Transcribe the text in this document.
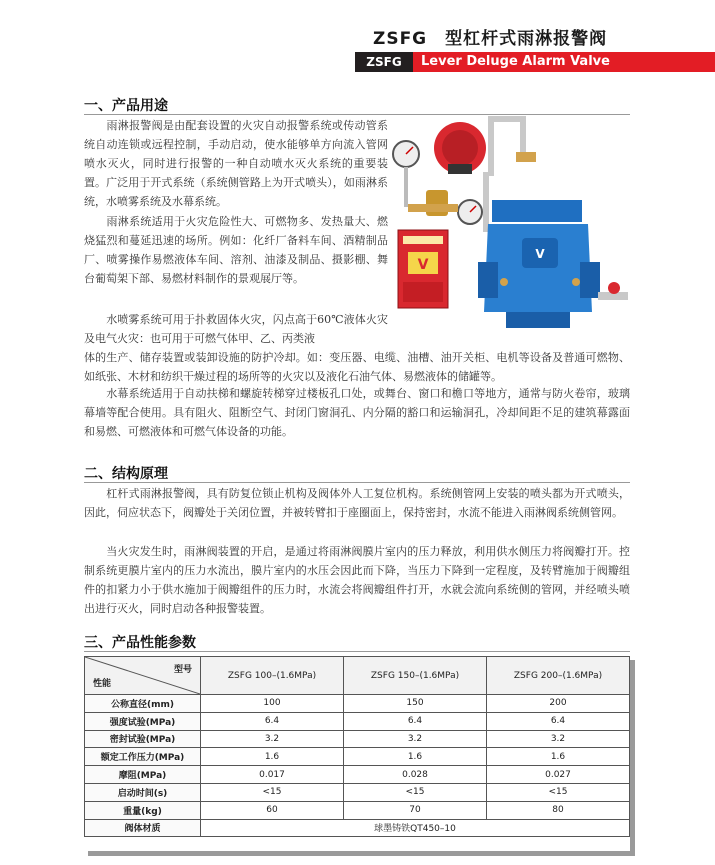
ZSFG　型杠杆式雨淋报警阀
ZSFG	Lever Deluge Alarm Valve
一、产品用途
　　雨淋报警阀是由配套设置的火灾自动报警系统或传动管系统自动连锁或远程控制，手动启动，使水能够单方向流入管网喷水灭火，同时进行报警的一种自动喷水灭火系统的重要装置。广泛用于开式系统（系统侧管路上为开式喷头），如雨淋系统，水喷雾系统及水幕系统。
　　雨淋系统适用于火灾危险性大、可燃物多、发热量大、燃烧猛烈和蔓延迅速的场所。例如：化纤厂备料车间、酒精制品厂、喷雾操作易燃液体车间、溶剂、油漆及制品、摄影棚、舞台葡萄架下部、易燃材料制作的景观展厅等。
　　水喷雾系统可用于扑救固体火灾，闪点高于60℃液体火灾及电气火灾：也可用于可燃气体甲、乙、丙类液
体的生产、储存装置或装卸设施的防护冷却。如：变压器、电缆、油槽、油开关柜、电机等设备及普通可燃物、如纸张、木材和纺织干燥过程的场所等的火灾以及液化石油气体、易燃液体的储罐等。
　　水幕系统适用于自动扶梯和螺旋转梯穿过楼板孔口处，或舞台、窗口和檐口等地方，通常与防火卷帘，玻璃幕墙等配合使用。具有阻火、阻断空气、封闭门窗洞孔、内分隔的豁口和运输洞孔，冷却间距不足的建筑幕露面和易燃、可燃液体和可燃气体设备的功能。
V
V
二、结构原理
　　杠杆式雨淋报警阀，具有防复位锁止机构及阀体外人工复位机构。系统侧管网上安装的喷头都为开式喷头，因此，伺应状态下，阀瓣处于关闭位置，并被转臂扣于座圈面上，保持密封，水流不能进入雨淋阀系统侧管网。
　　当火灾发生时，雨淋阀装置的开启，是通过将雨淋阀膜片室内的压力释放，利用供水侧压力将阀瓣打开。控制系统更膜片室内的压力水流出，膜片室内的水压会因此而下降，当压力下降到一定程度，及转臂施加于阀瓣组件的扣紧力小于供水施加于阀瓣组件的压力时，水流会将阀瓣组件打开，水就会流向系统侧的管网，并经喷头喷出进行灭火，同时启动各种报警装置。
三、产品性能参数
型号
性能	ZSFG 100–(1.6MPa)	ZSFG 150–(1.6MPa)	ZSFG 200–(1.6MPa)
公称直径(mm)	100	150	200
强度试验(MPa)	6.4	6.4	6.4
密封试验(MPa)	3.2	3.2	3.2
额定工作压力(MPa)	1.6	1.6	1.6
摩阻(MPa)	0.017	0.028	0.027
启动时间(s)	<15	<15	<15
重量(kg)	60	70	80
阀体材质	球墨铸铁QT450–10		
